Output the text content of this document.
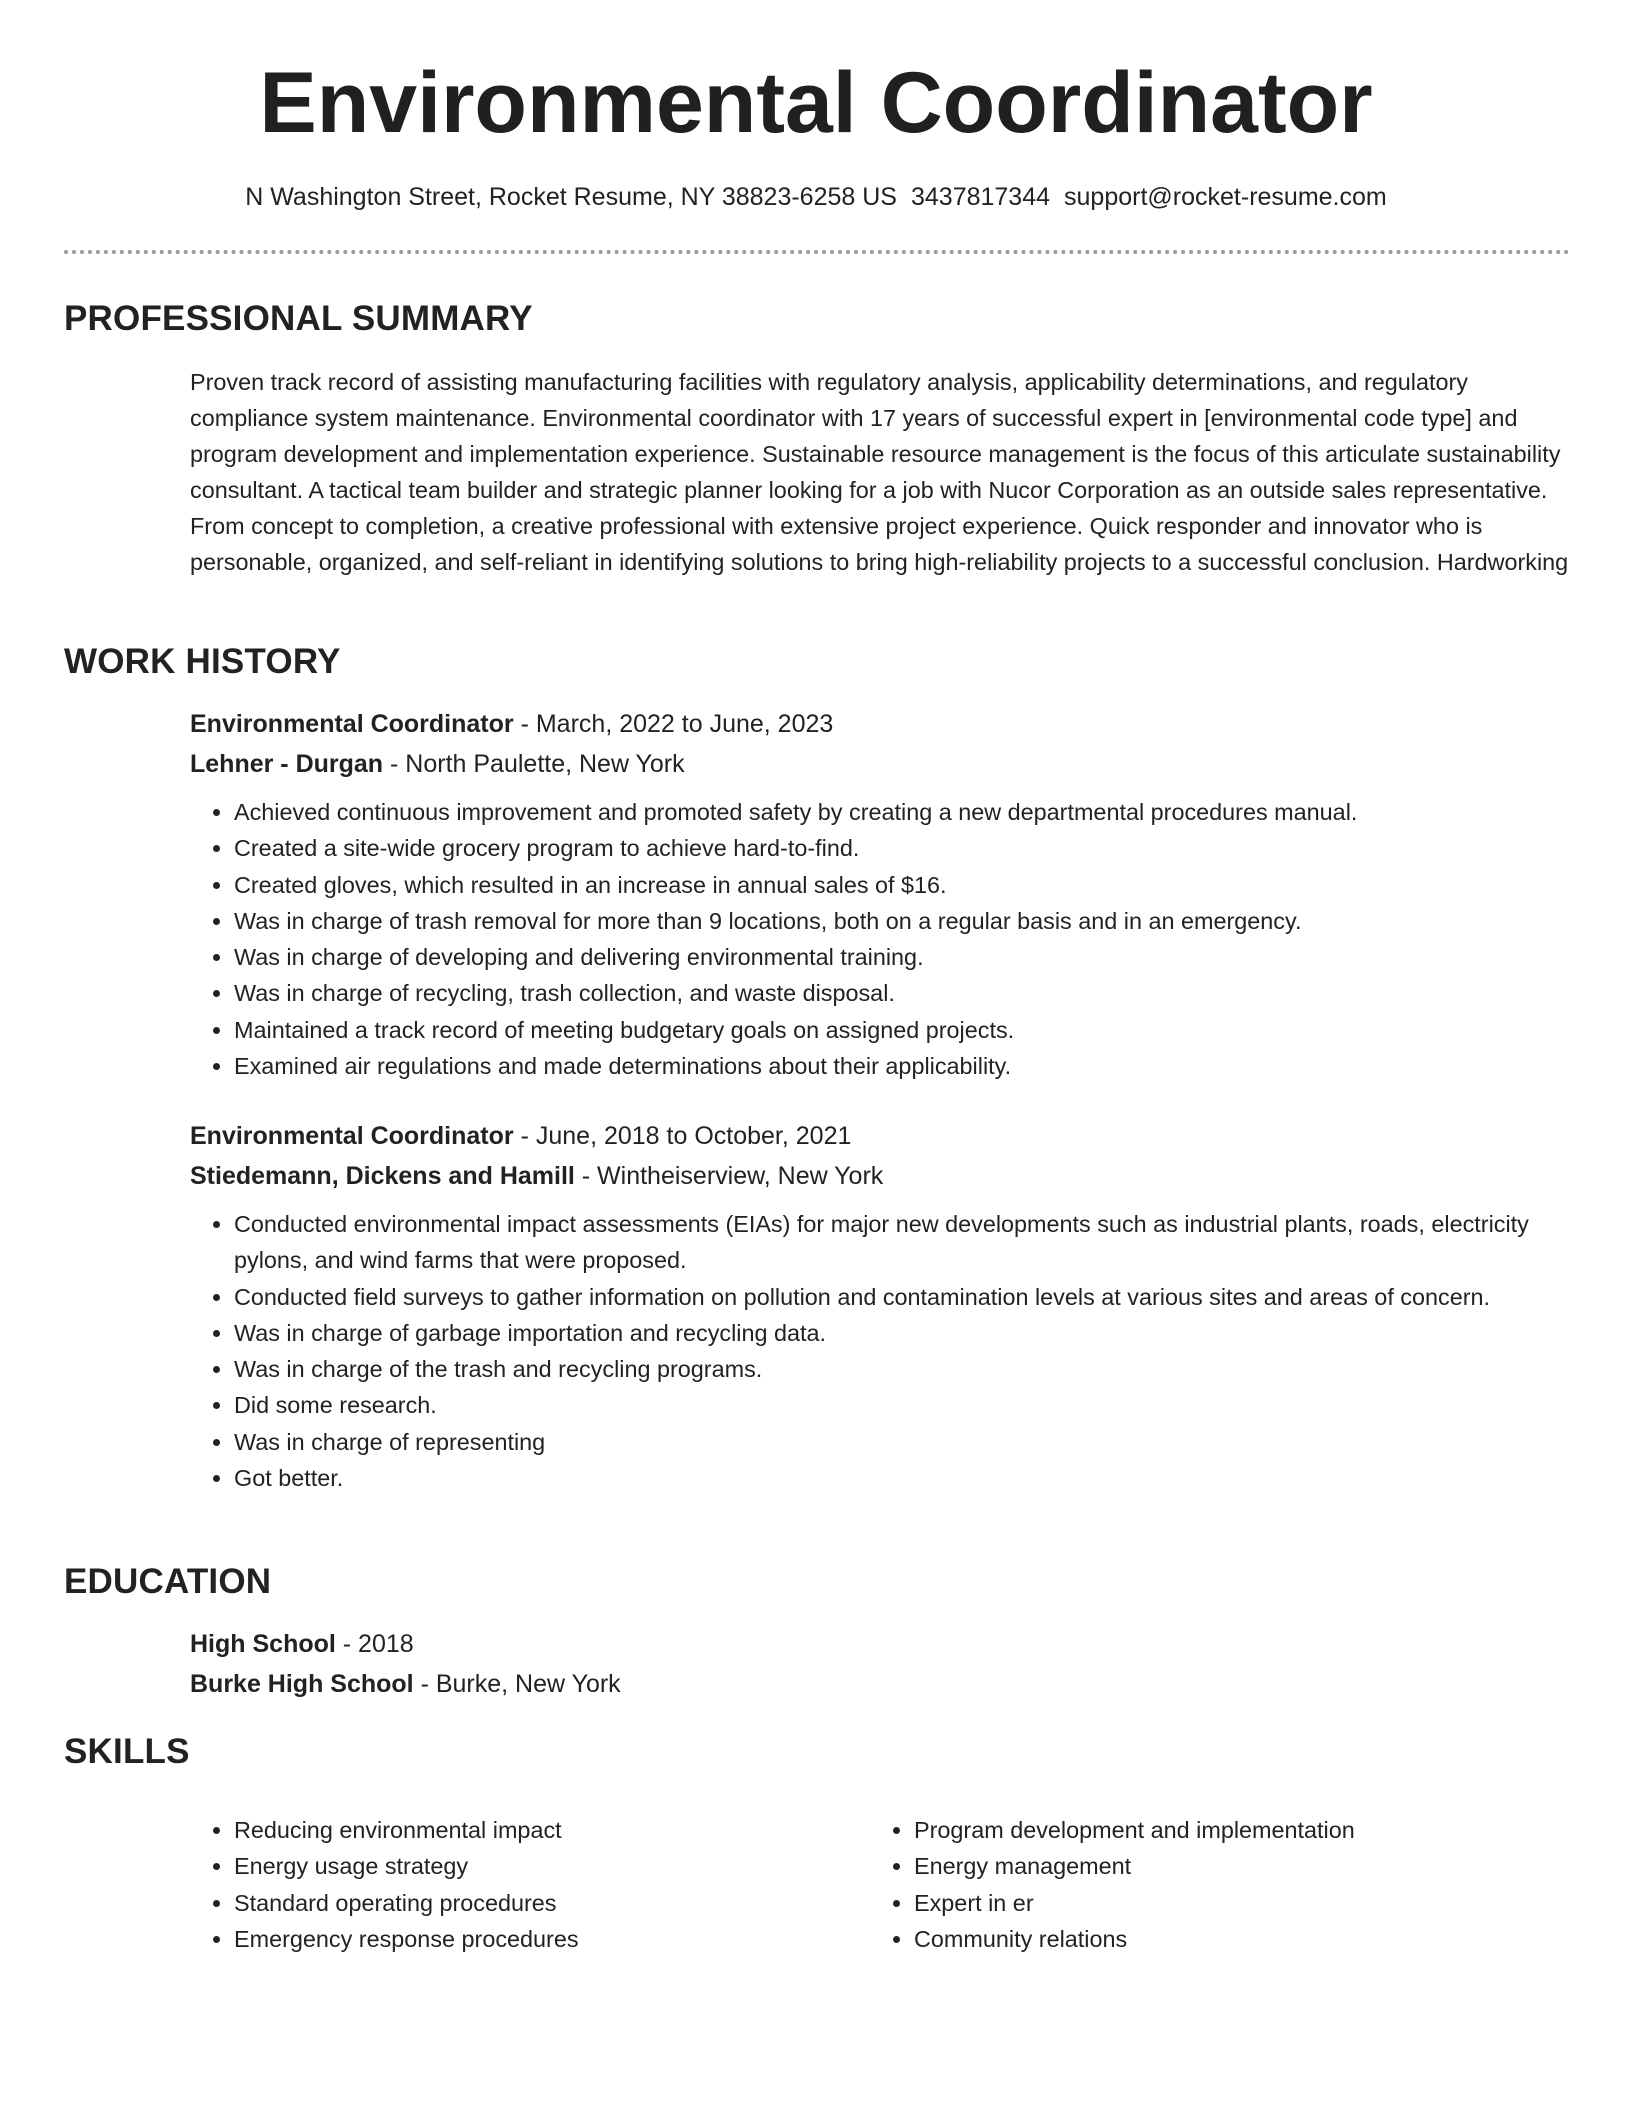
Environmental Coordinator
N Washington Street, Rocket Resume, NY 38823-6258 US 3437817344 support@rocket-resume.com
PROFESSIONAL SUMMARY

Proven track record of assisting manufacturing facilities with regulatory analysis, applicability determinations, and regulatory compliance system maintenance. Environmental coordinator with 17 years of successful expert in [environmental code type] and program development and implementation experience. Sustainable resource management is the focus of this articulate sustainability consultant. A tactical team builder and strategic planner looking for a job with Nucor Corporation as an outside sales representative. From concept to completion, a creative professional with extensive project experience. Quick responder and innovator who is personable, organized, and self-reliant in identifying solutions to bring high-reliability projects to a successful conclusion. Hardworking

WORK HISTORY
Environmental Coordinator - March, 2022 to June, 2023
Lehner - Durgan - North Paulette, New York
• Achieved continuous improvement and promoted safety by creating a new departmental procedures manual.
• Created a site-wide grocery program to achieve hard-to-find.
• Created gloves, which resulted in an increase in annual sales of $16.
• Was in charge of trash removal for more than 9 locations, both on a regular basis and in an emergency.
• Was in charge of developing and delivering environmental training.
• Was in charge of recycling, trash collection, and waste disposal.
• Maintained a track record of meeting budgetary goals on assigned projects.
• Examined air regulations and made determinations about their applicability.
Environmental Coordinator - June, 2018 to October, 2021
Stiedemann, Dickens and Hamill - Wintheiserview, New York
• Conducted environmental impact assessments (EIAs) for major new developments such as industrial plants, roads, electricity pylons, and wind farms that were proposed.
• Conducted field surveys to gather information on pollution and contamination levels at various sites and areas of concern.
• Was in charge of garbage importation and recycling data.
• Was in charge of the trash and recycling programs.
• Did some research.
• Was in charge of representing
• Got better.
EDUCATION
High School - 2018
Burke High School - Burke, New York
SKILLS
• Reducing environmental impact
• Energy usage strategy
• Standard operating procedures
• Emergency response procedures
• Program development and implementation
• Energy management
• Expert in er
• Community relations
